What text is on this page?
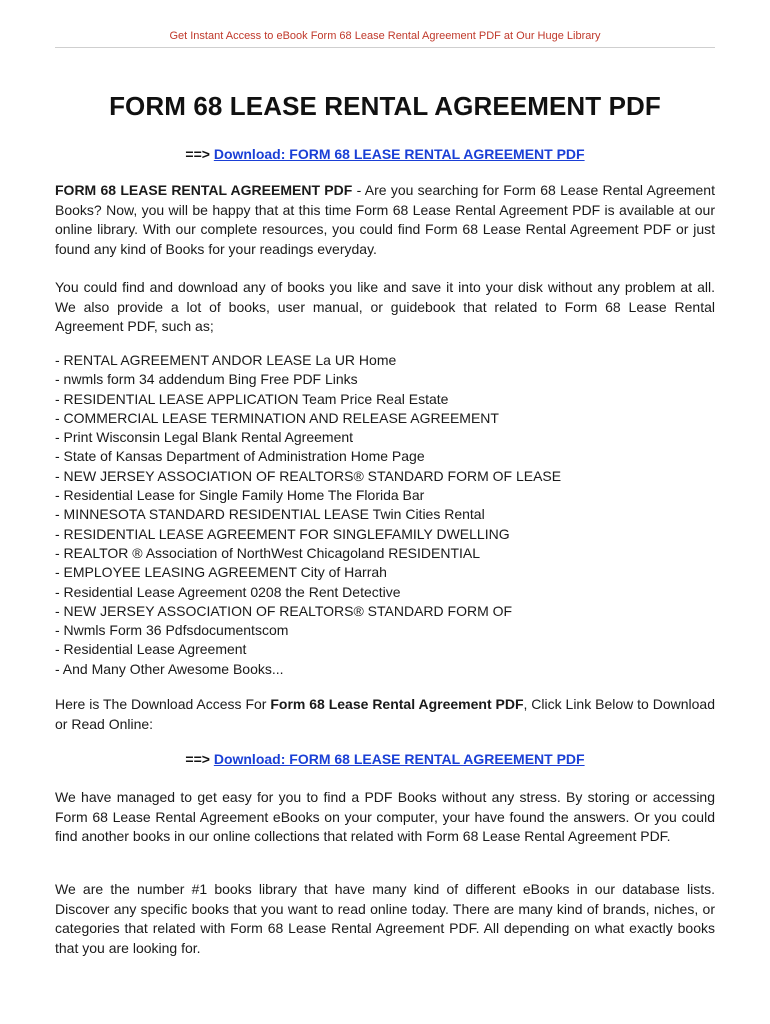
Get Instant Access to eBook Form 68 Lease Rental Agreement PDF at Our Huge Library
FORM 68 LEASE RENTAL AGREEMENT PDF
==> Download: FORM 68 LEASE RENTAL AGREEMENT PDF

FORM 68 LEASE RENTAL AGREEMENT PDF - Are you searching for Form 68 Lease Rental Agreement Books? Now, you will be happy that at this time Form 68 Lease Rental Agreement PDF is available at our online library. With our complete resources, you could find Form 68 Lease Rental Agreement PDF or just found any kind of Books for your readings everyday.

You could find and download any of books you like and save it into your disk without any problem at all. We also provide a lot of books, user manual, or guidebook that related to Form 68 Lease Rental Agreement PDF, such as;

- RENTAL AGREEMENT ANDOR LEASE La UR Home
- nwmls form 34 addendum Bing Free PDF Links
- RESIDENTIAL LEASE APPLICATION Team Price Real Estate
- COMMERCIAL LEASE TERMINATION AND RELEASE AGREEMENT
- Print Wisconsin Legal Blank Rental Agreement
- State of Kansas Department of Administration Home Page
- NEW JERSEY ASSOCIATION OF REALTORS® STANDARD FORM OF LEASE
- Residential Lease for Single Family Home The Florida Bar
- MINNESOTA STANDARD RESIDENTIAL LEASE Twin Cities Rental
- RESIDENTIAL LEASE AGREEMENT FOR SINGLEFAMILY DWELLING
- REALTOR ® Association of NorthWest Chicagoland RESIDENTIAL
- EMPLOYEE LEASING AGREEMENT City of Harrah
- Residential Lease Agreement 0208 the Rent Detective
- NEW JERSEY ASSOCIATION OF REALTORS® STANDARD FORM OF
- Nwmls Form 36 Pdfsdocumentscom
- Residential Lease Agreement
- And Many Other Awesome Books...

Here is The Download Access For Form 68 Lease Rental Agreement PDF, Click Link Below to Download or Read Online:

==> Download: FORM 68 LEASE RENTAL AGREEMENT PDF

We have managed to get easy for you to find a PDF Books without any stress. By storing or accessing Form 68 Lease Rental Agreement eBooks on your computer, your have found the answers. Or you could find another books in our online collections that related with Form 68 Lease Rental Agreement PDF.

We are the number #1 books library that have many kind of different eBooks in our database lists. Discover any specific books that you want to read online today. There are many kind of brands, niches, or categories that related with Form 68 Lease Rental Agreement PDF. All depending on what exactly books that you are looking for.
